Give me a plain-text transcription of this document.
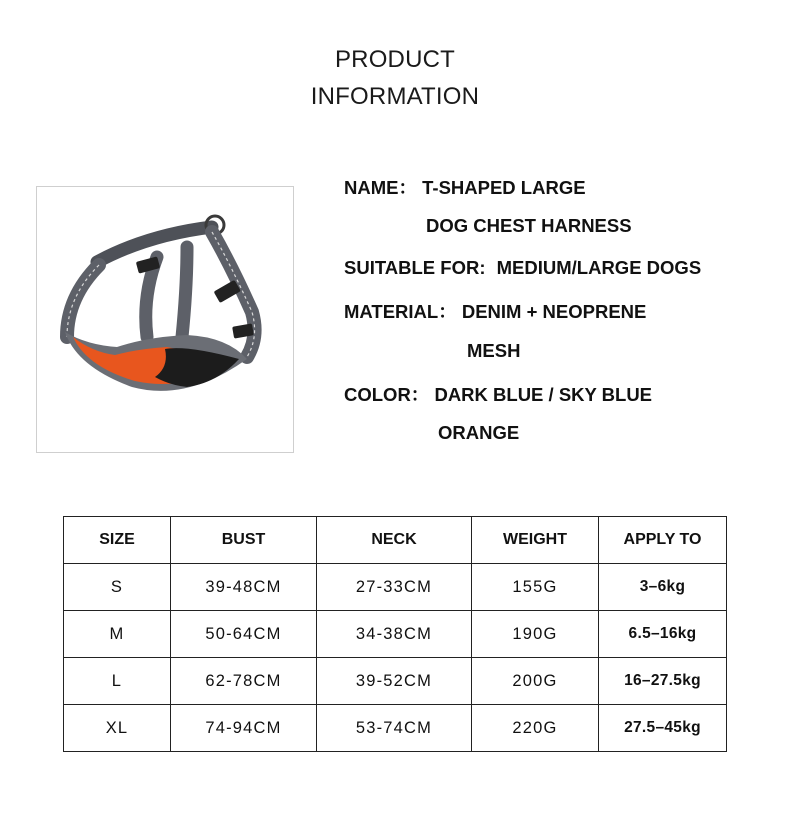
PRODUCT
INFORMATION
NAME： T-SHAPED LARGE
DOG CHEST HARNESS
SUITABLE FOR: MEDIUM/LARGE DOGS
MATERIAL： DENIM + NEOPRENE
MESH
COLOR： DARK BLUE / SKY BLUE
ORANGE
SIZE	BUST	NECK	WEIGHT	APPLY TO
S	39-48CM	27-33CM	155G	3–6kg
M	50-64CM	34-38CM	190G	6.5–16kg
L	62-78CM	39-52CM	200G	16–27.5kg
XL	74-94CM	53-74CM	220G	27.5–45kg
